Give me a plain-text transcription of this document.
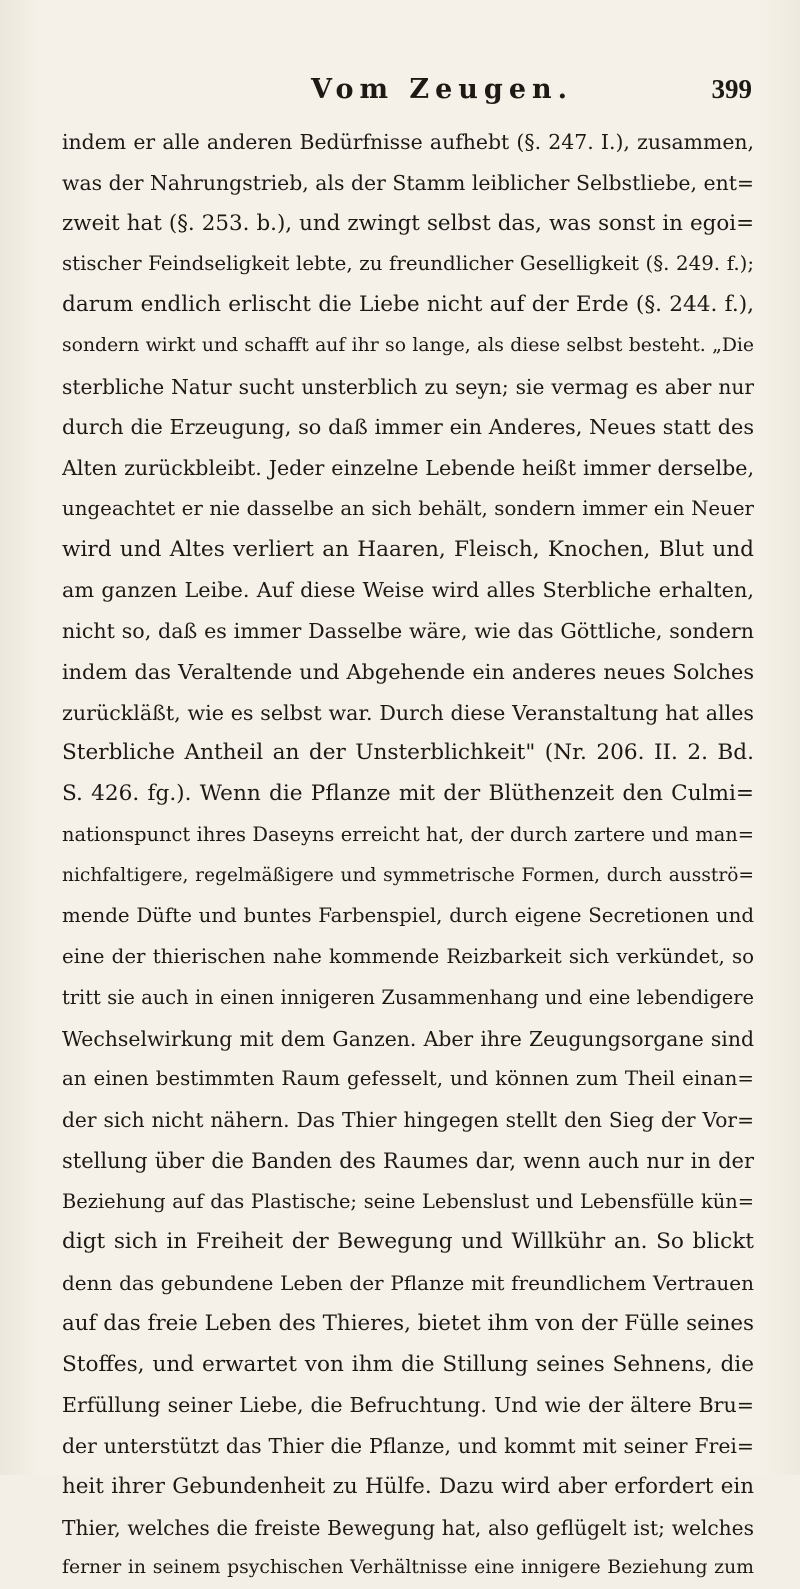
Vom Zeugen.	399
indem er alle anderen Bedürfnisse aufhebt (§. 247. I.), zusammen,
was der Nahrungstrieb, als der Stamm leiblicher Selbstliebe, ent=
zweit hat (§. 253. b.), und zwingt selbst das, was sonst in egoi=
stischer Feindseligkeit lebte, zu freundlicher Geselligkeit (§. 249. f.);
darum endlich erlischt die Liebe nicht auf der Erde (§. 244. f.),
sondern wirkt und schafft auf ihr so lange, als diese selbst besteht. „Die
sterbliche Natur sucht unsterblich zu seyn; sie vermag es aber nur
durch die Erzeugung, so daß immer ein Anderes, Neues statt des
Alten zurückbleibt. Jeder einzelne Lebende heißt immer derselbe,
ungeachtet er nie dasselbe an sich behält, sondern immer ein Neuer
wird und Altes verliert an Haaren, Fleisch, Knochen, Blut und
am ganzen Leibe. Auf diese Weise wird alles Sterbliche erhalten,
nicht so, daß es immer Dasselbe wäre, wie das Göttliche, sondern
indem das Veraltende und Abgehende ein anderes neues Solches
zurückläßt, wie es selbst war. Durch diese Veranstaltung hat alles
Sterbliche Antheil an der Unsterblichkeit" (Nr. 206. II. 2. Bd.
S. 426. fg.). Wenn die Pflanze mit der Blüthenzeit den Culmi=
nationspunct ihres Daseyns erreicht hat, der durch zartere und man=
nichfaltigere, regelmäßigere und symmetrische Formen, durch ausströ=
mende Düfte und buntes Farbenspiel, durch eigene Secretionen und
eine der thierischen nahe kommende Reizbarkeit sich verkündet, so
tritt sie auch in einen innigeren Zusammenhang und eine lebendigere
Wechselwirkung mit dem Ganzen. Aber ihre Zeugungsorgane sind
an einen bestimmten Raum gefesselt, und können zum Theil einan=
der sich nicht nähern. Das Thier hingegen stellt den Sieg der Vor=
stellung über die Banden des Raumes dar, wenn auch nur in der
Beziehung auf das Plastische; seine Lebenslust und Lebensfülle kün=
digt sich in Freiheit der Bewegung und Willkühr an. So blickt
denn das gebundene Leben der Pflanze mit freundlichem Vertrauen
auf das freie Leben des Thieres, bietet ihm von der Fülle seines
Stoffes, und erwartet von ihm die Stillung seines Sehnens, die
Erfüllung seiner Liebe, die Befruchtung. Und wie der ältere Bru=
der unterstützt das Thier die Pflanze, und kommt mit seiner Frei=
heit ihrer Gebundenheit zu Hülfe. Dazu wird aber erfordert ein
Thier, welches die freiste Bewegung hat, also geflügelt ist; welches
ferner in seinem psychischen Verhältnisse eine innigere Beziehung zum
